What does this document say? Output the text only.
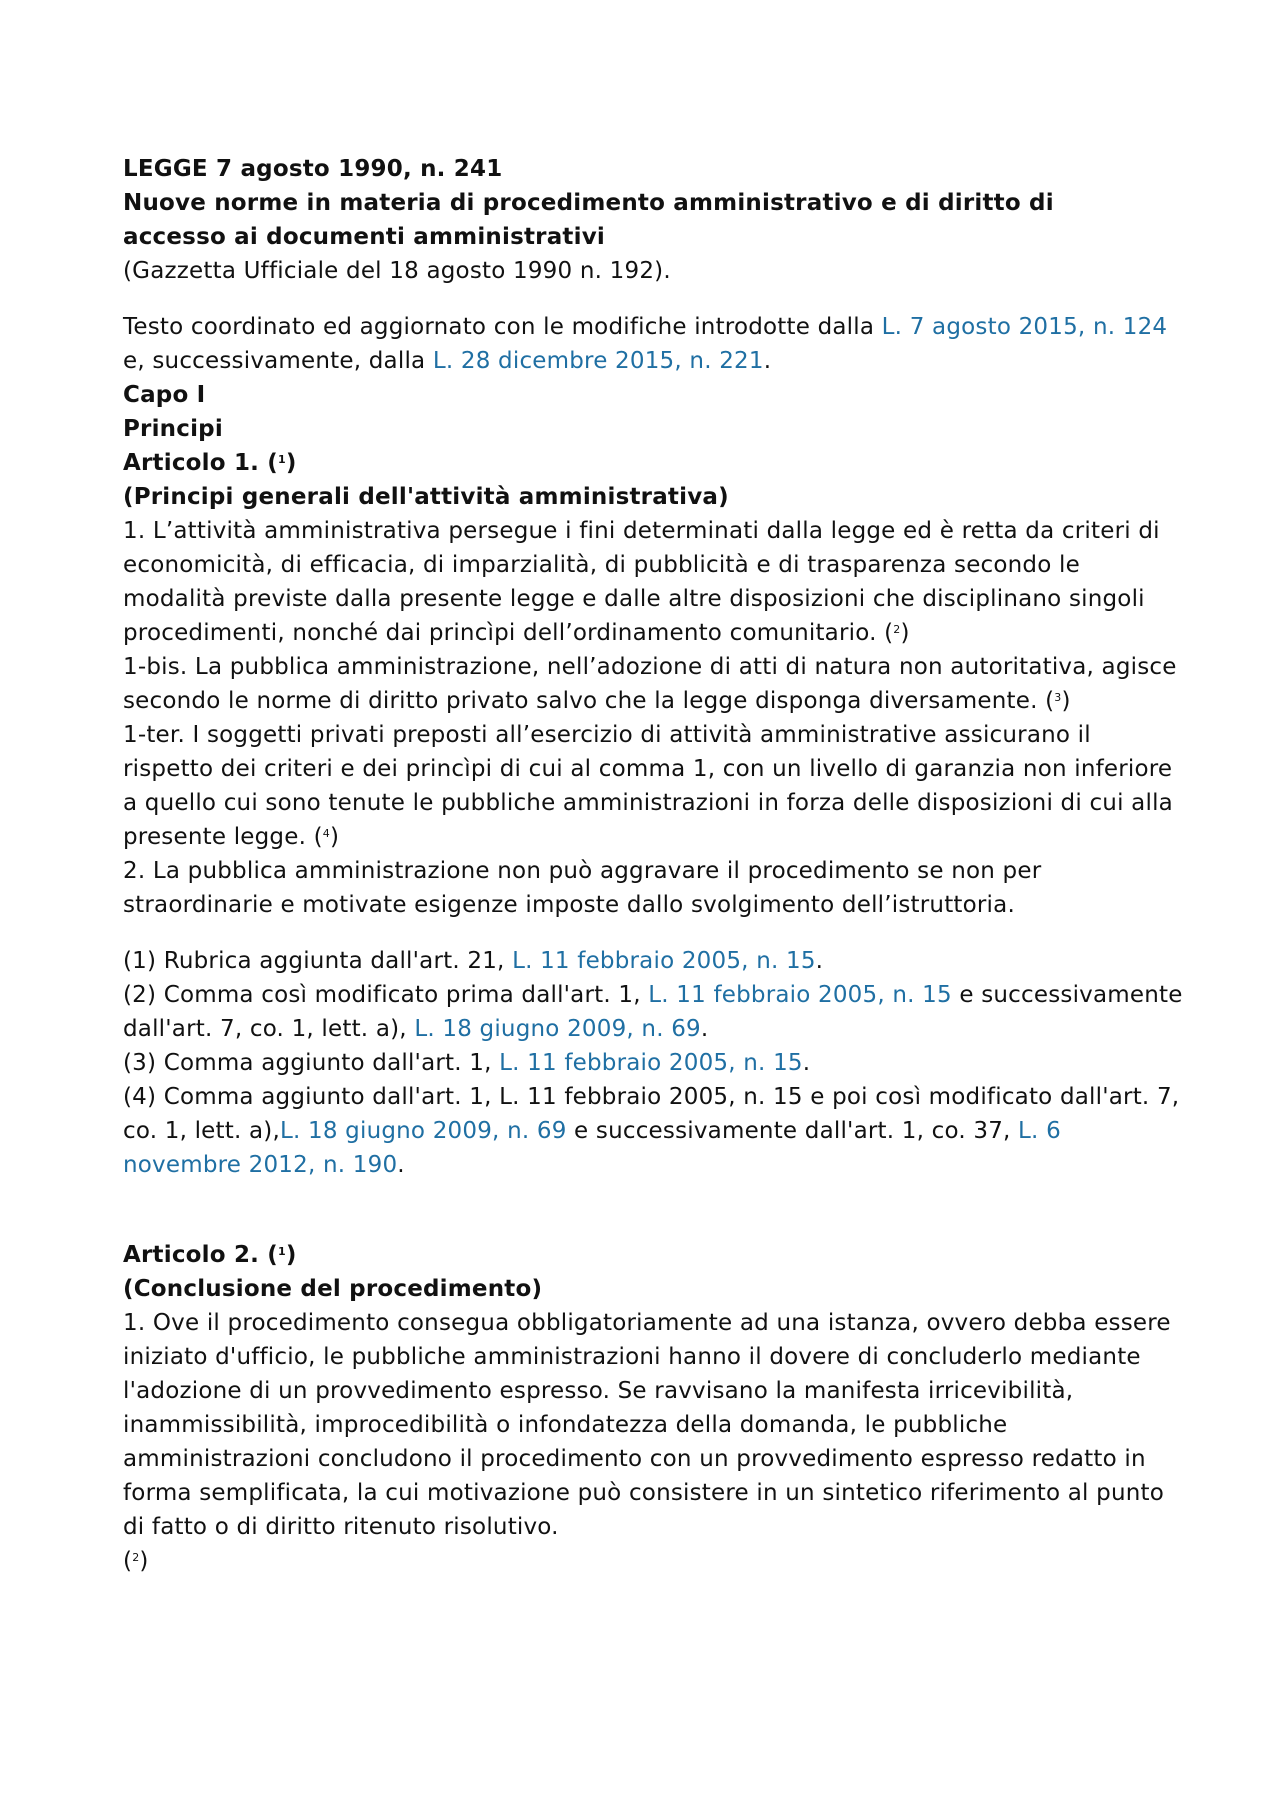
LEGGE 7 agosto 1990, n. 241

Nuove norme in materia di procedimento amministrativo e di diritto di

accesso ai documenti amministrativi

(Gazzetta Ufficiale del 18 agosto 1990 n. 192).

Testo coordinato ed aggiornato con le modifiche introdotte dalla L. 7 agosto 2015, n. 124 e, successivamente, dalla L. 28 dicembre 2015, n. 221.

Capo I

Principi

Articolo 1. ($^1$)

(Principi generali dell'attività amministrativa)

1. L’attività amministrativa persegue i fini determinati dalla legge ed è retta da criteri di economicità, di efficacia, di imparzialità, di pubblicità e di trasparenza secondo le modalità previste dalla presente legge e dalle altre disposizioni che disciplinano singoli procedimenti, nonché dai princìpi dell’ordinamento comunitario. ($^2$)

1-bis. La pubblica amministrazione, nell’adozione di atti di natura non autoritativa, agisce secondo le norme di diritto privato salvo che la legge disponga diversamente. ($^3$)

1-ter. I soggetti privati preposti all’esercizio di attività amministrative assicurano il rispetto dei criteri e dei princìpi di cui al comma 1, con un livello di garanzia non inferiore a quello cui sono tenute le pubbliche amministrazioni in forza delle disposizioni di cui alla presente legge. ($^4$)

2. La pubblica amministrazione non può aggravare il procedimento se non per straordinarie e motivate esigenze imposte dallo svolgimento dell’istruttoria.

(1) Rubrica aggiunta dall'art. 21, L. 11 febbraio 2005, n. 15.

(2) Comma così modificato prima dall'art. 1, L. 11 febbraio 2005, n. 15 e successivamente dall'art. 7, co. 1, lett. a), L. 18 giugno 2009, n. 69.

(3) Comma aggiunto dall'art. 1, L. 11 febbraio 2005, n. 15.

(4) Comma aggiunto dall'art. 1, L. 11 febbraio 2005, n. 15 e poi così modificato dall'art. 7, co. 1, lett. a),L. 18 giugno 2009, n. 69 e successivamente dall'art. 1, co. 37, L. 6 novembre 2012, n. 190.

Articolo 2. ($^1$)

(Conclusione del procedimento)

1. Ove il procedimento consegua obbligatoriamente ad una istanza, ovvero debba essere iniziato d'ufficio, le pubbliche amministrazioni hanno il dovere di concluderlo mediante l'adozione di un provvedimento espresso. Se ravvisano la manifesta irricevibilità, inammissibilità, improcedibilità o infondatezza della domanda, le pubbliche amministrazioni concludono il procedimento con un provvedimento espresso redatto in forma semplificata, la cui motivazione può consistere in un sintetico riferimento al punto di fatto o di diritto ritenuto risolutivo.
($^2$)
